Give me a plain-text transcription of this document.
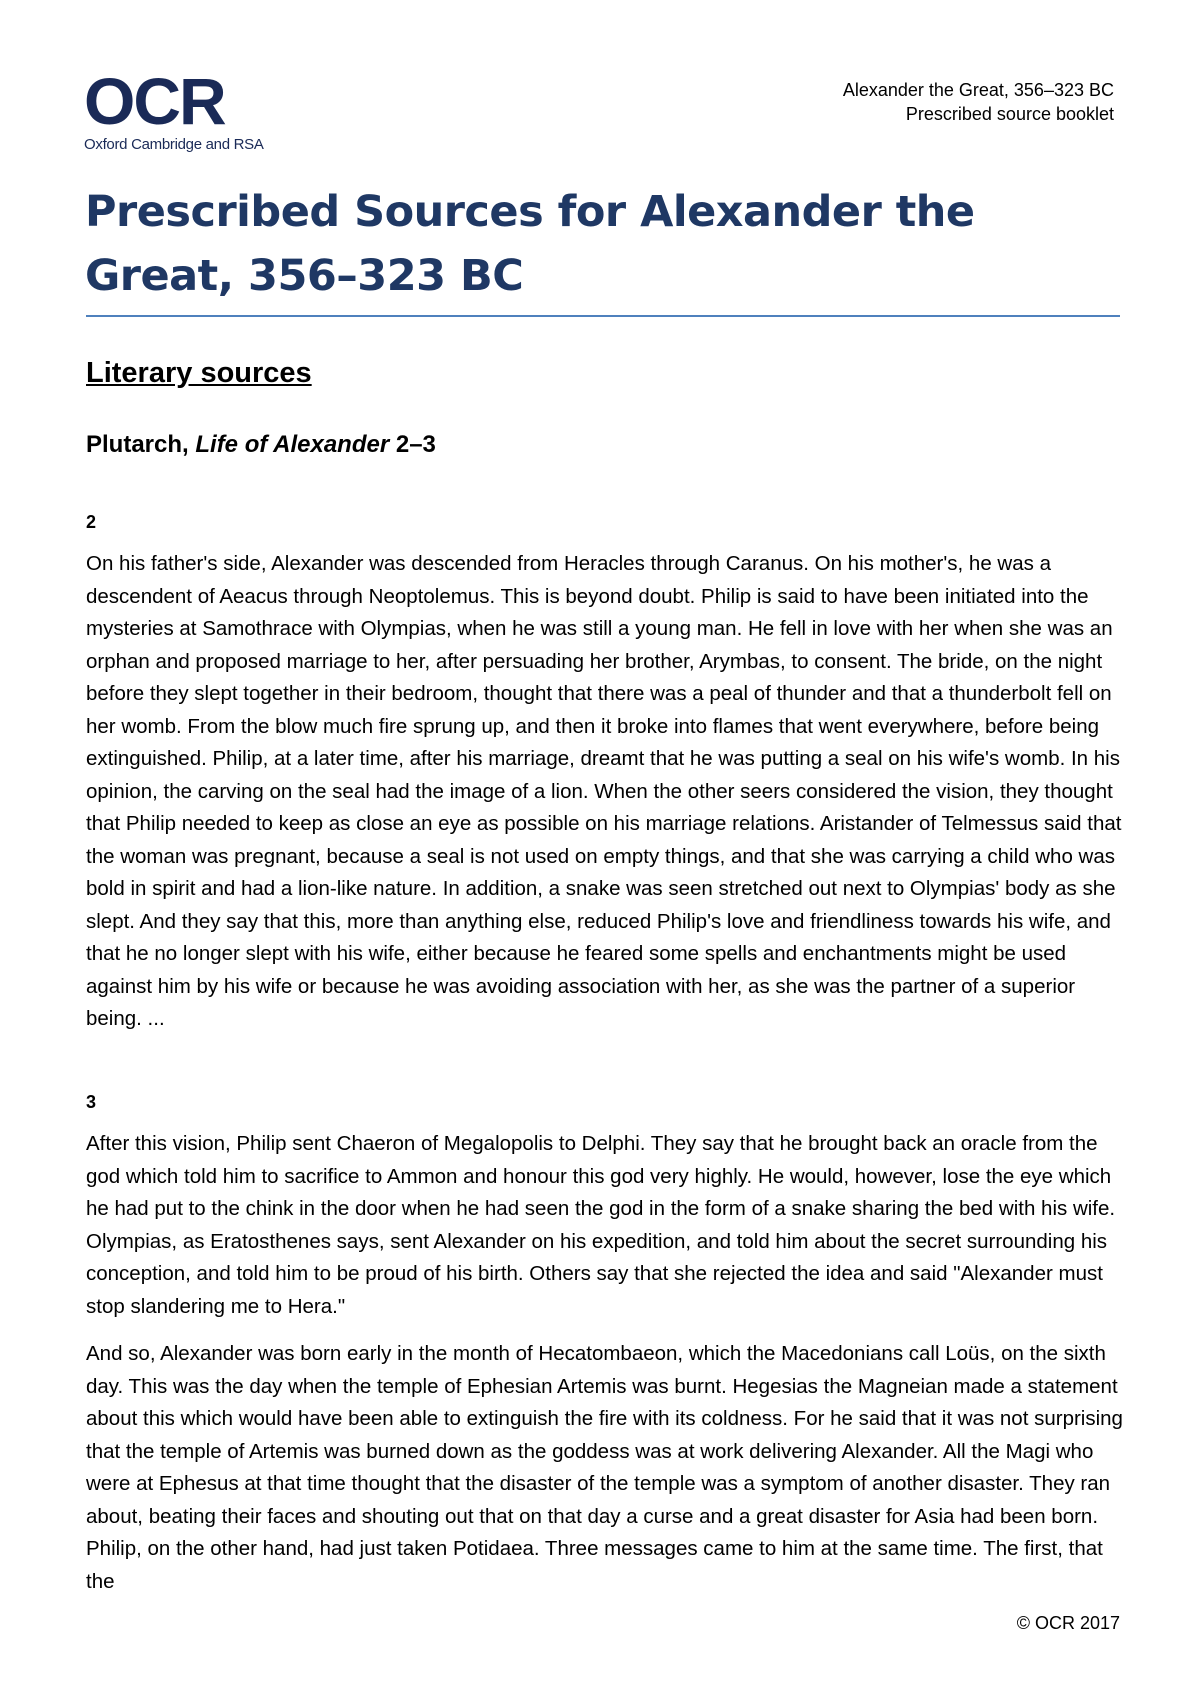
OCR
Oxford Cambridge and RSA
Alexander the Great, 356–323 BC
Prescribed source booklet
Prescribed Sources for Alexander the Great, 356–323 BC
Literary sources
Plutarch, Life of Alexander 2–3
2

On his father's side, Alexander was descended from Heracles through Caranus. On his mother's, he was a descendent of Aeacus through Neoptolemus. This is beyond doubt. Philip is said to have been initiated into the mysteries at Samothrace with Olympias, when he was still a young man. He fell in love with her when she was an orphan and proposed marriage to her, after persuading her brother, Arymbas, to consent. The bride, on the night before they slept together in their bedroom, thought that there was a peal of thunder and that a thunderbolt fell on her womb. From the blow much fire sprung up, and then it broke into flames that went everywhere, before being extinguished. Philip, at a later time, after his marriage, dreamt that he was putting a seal on his wife's womb. In his opinion, the carving on the seal had the image of a lion. When the other seers considered the vision, they thought that Philip needed to keep as close an eye as possible on his marriage relations. Aristander of Telmessus said that the woman was pregnant, because a seal is not used on empty things, and that she was carrying a child who was bold in spirit and had a lion-like nature. In addition, a snake was seen stretched out next to Olympias' body as she slept. And they say that this, more than anything else, reduced Philip's love and friendliness towards his wife, and that he no longer slept with his wife, either because he feared some spells and enchantments might be used against him by his wife or because he was avoiding association with her, as she was the partner of a superior being. ...

3

After this vision, Philip sent Chaeron of Megalopolis to Delphi. They say that he brought back an oracle from the god which told him to sacrifice to Ammon and honour this god very highly. He would, however, lose the eye which he had put to the chink in the door when he had seen the god in the form of a snake sharing the bed with his wife. Olympias, as Eratosthenes says, sent Alexander on his expedition, and told him about the secret surrounding his conception, and told him to be proud of his birth. Others say that she rejected the idea and said "Alexander must stop slandering me to Hera."

And so, Alexander was born early in the month of Hecatombaeon, which the Macedonians call Loüs, on the sixth day. This was the day when the temple of Ephesian Artemis was burnt. Hegesias the Magneian made a statement about this which would have been able to extinguish the fire with its coldness. For he said that it was not surprising that the temple of Artemis was burned down as the goddess was at work delivering Alexander. All the Magi who were at Ephesus at that time thought that the disaster of the temple was a symptom of another disaster. They ran about, beating their faces and shouting out that on that day a curse and a great disaster for Asia had been born. Philip, on the other hand, had just taken Potidaea. Three messages came to him at the same time. The first, that the

© OCR 2017
